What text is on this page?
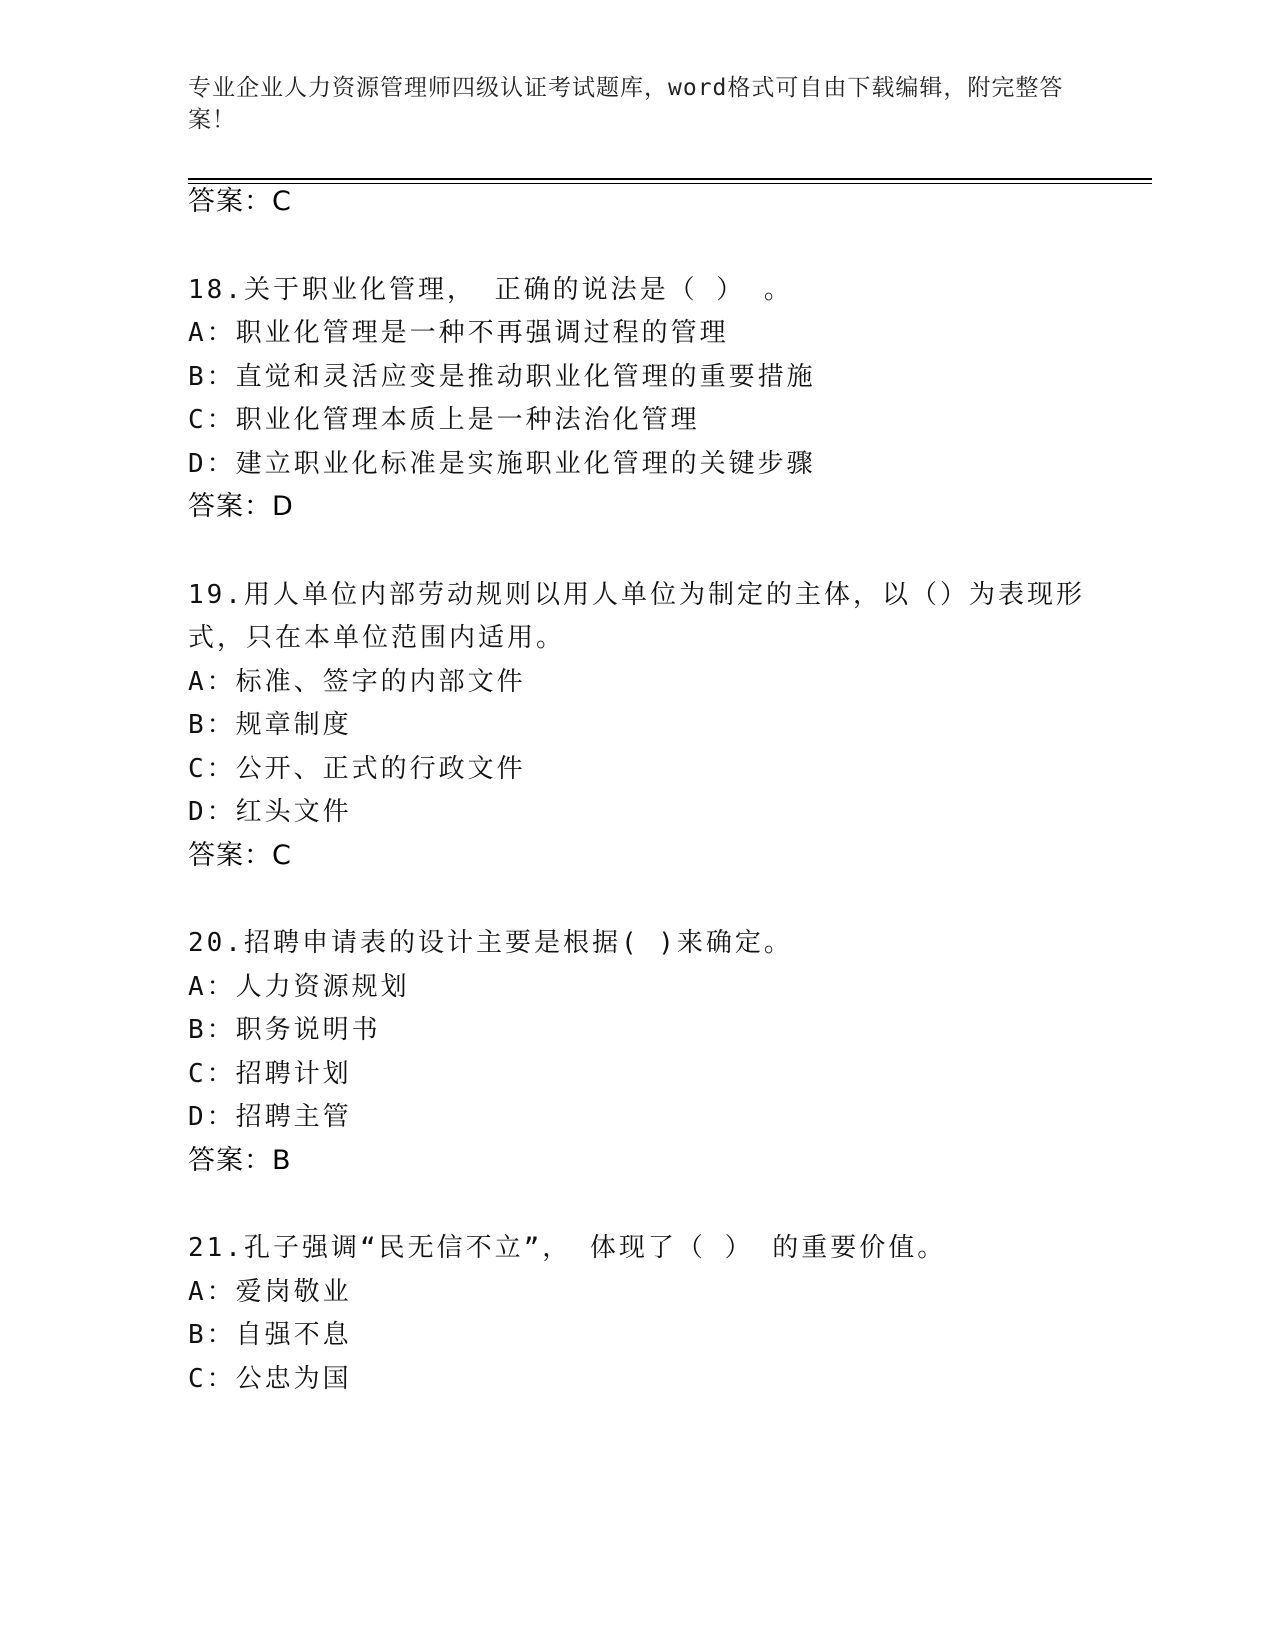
专业企业人力资源管理师四级认证考试题库，word格式可自由下载编辑，附完整答案！
答案：C
18.关于职业化管理， 正确的说法是（ ） 。
A：职业化管理是一种不再强调过程的管理
B：直觉和灵活应变是推动职业化管理的重要措施
C：职业化管理本质上是一种法治化管理
D：建立职业化标准是实施职业化管理的关键步骤
答案：D
19.用人单位内部劳动规则以用人单位为制定的主体，以（）为表现形
式，只在本单位范围内适用。
A：标准、签字的内部文件
B：规章制度
C：公开、正式的行政文件
D：红头文件
答案：C
20.招聘申请表的设计主要是根据( )来确定。
A：人力资源规划
B：职务说明书
C：招聘计划
D：招聘主管
答案：B
21.孔子强调“民无信不立”， 体现了（ ） 的重要价值。
A：爱岗敬业
B：自强不息
C：公忠为国
